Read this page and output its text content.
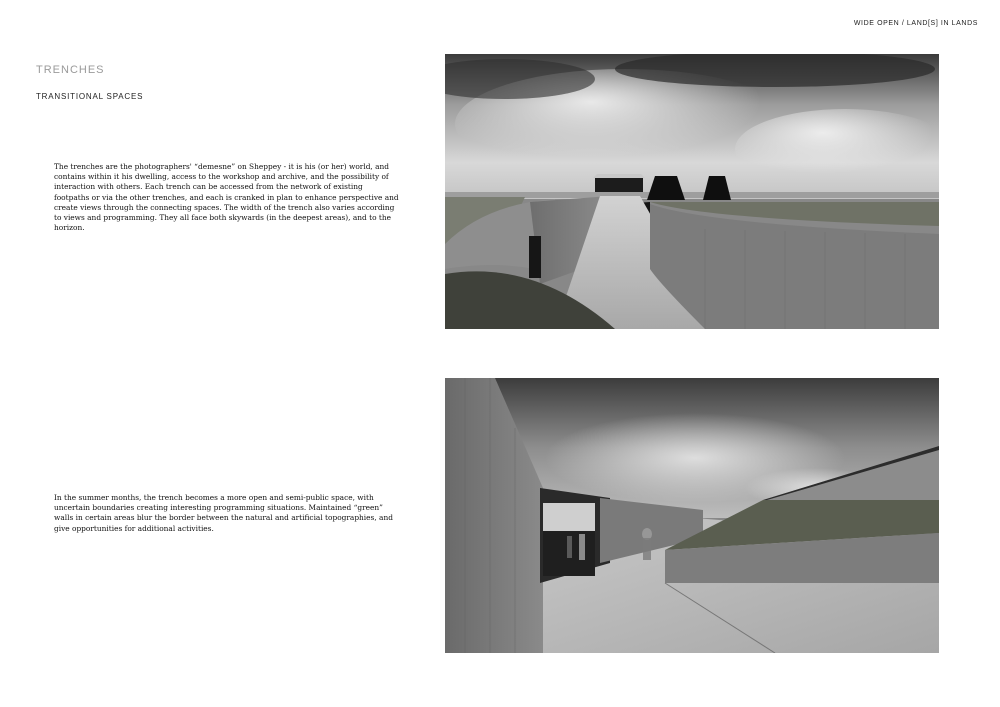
WIDE OPEN / LAND[S] IN LANDS
TRENCHES
TRANSITIONAL SPACES

The trenches are the photographers' “demesne” on Sheppey - it is his (or her) world, and contains within it his dwelling, access to the workshop and archive, and the possibility of interaction with others. Each trench can be accessed from the network of existing footpaths or via the other trenches, and each is cranked in plan to enhance perspective and create views through the connecting spaces. The width of the trench also varies according to views and programming. They all face both skywards (in the deepest areas), and to the horizon.

In the summer months, the trench becomes a more open and semi-public space, with uncertain boundaries creating interesting programming situations. Maintained “green” walls in certain areas blur the border between the natural and artificial topographies, and give opportunities for additional activities.
